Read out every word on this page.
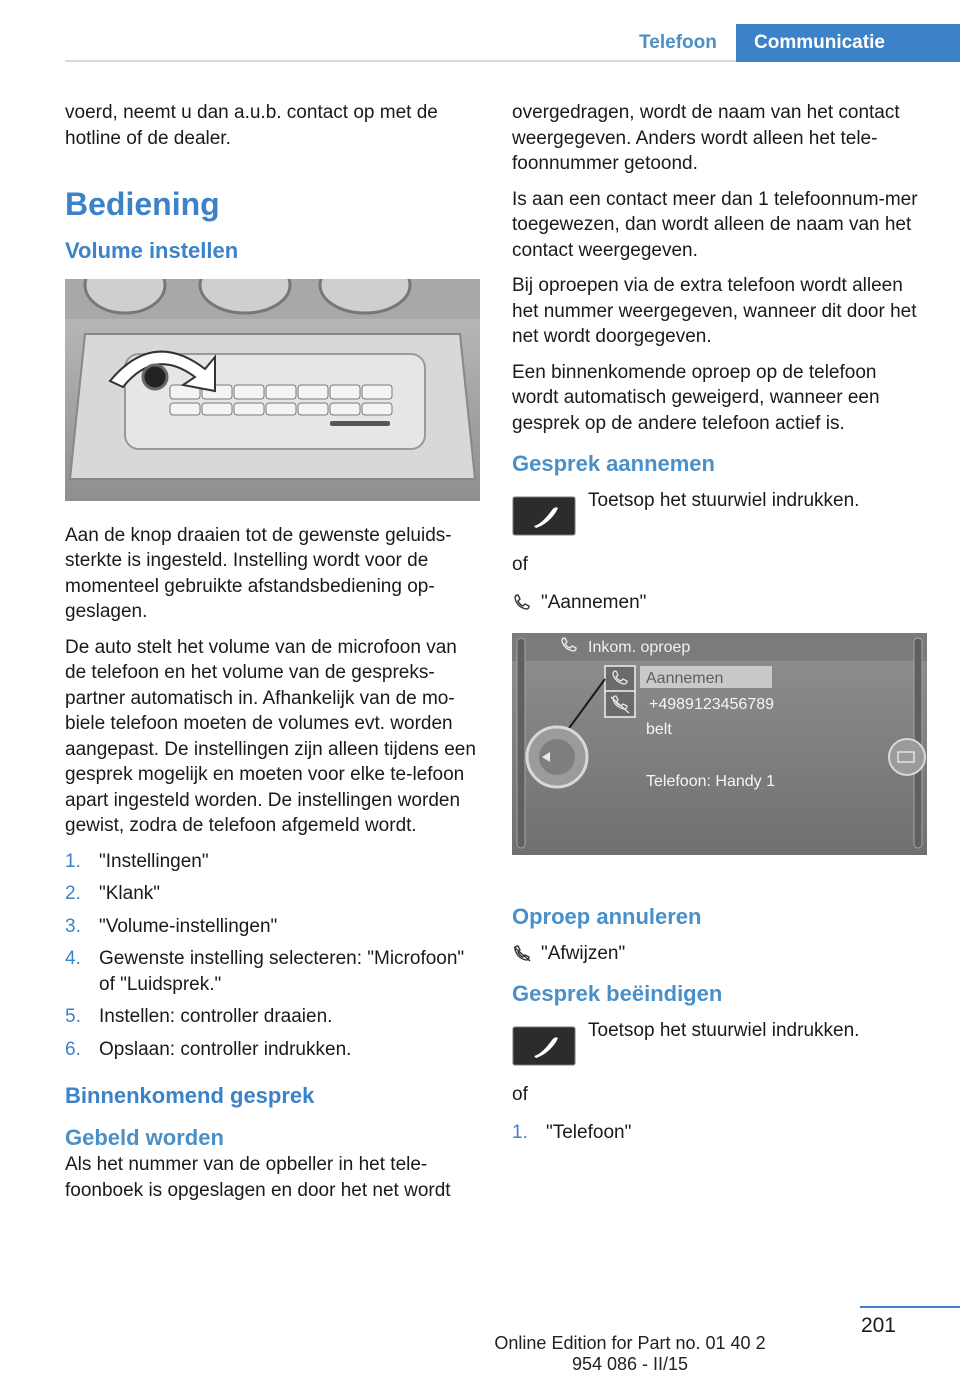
Telefoon	Communicatie

voerd, neemt u dan a.u.b. contact op met de hotline of de dealer.

Bediening
Volume instellen

Aan de knop draaien tot de gewenste geluids-sterkte is ingesteld. Instelling wordt voor de momenteel gebruikte afstandsbediening op-geslagen.

De auto stelt het volume van de microfoon van de telefoon en het volume van de gespreks-partner automatisch in. Afhankelijk van de mo-biele telefoon moeten de volumes evt. worden aangepast. De instellingen zijn alleen tijdens een gesprek mogelijk en moeten voor elke te-lefoon apart ingesteld worden. De instellingen worden gewist, zodra de telefoon afgemeld wordt.

1. "Instellingen"
2. "Klank"
3. "Volume-instellingen"
4. Gewenste instelling selecteren: "Microfoon" of "Luidsprek."
5. Instellen: controller draaien.
6. Opslaan: controller indrukken.
Binnenkomend gesprek
Gebeld worden

Als het nummer van de opbeller in het tele-foonboek is opgeslagen en door het net wordt

overgedragen, wordt de naam van het contact weergegeven. Anders wordt alleen het tele-foonnummer getoond.

Is aan een contact meer dan 1 telefoonnum-mer toegewezen, dan wordt alleen de naam van het contact weergegeven.

Bij oproepen via de extra telefoon wordt alleen het nummer weergegeven, wanneer dit door het net wordt doorgegeven.

Een binnenkomende oproep op de telefoon wordt automatisch geweigerd, wanneer een gesprek op de andere telefoon actief is.

Gesprek aannemen
Toetsop het stuurwiel indrukken.

of

"Aannemen"
Inkom. oproep
Aannemen
+4989123456789
belt
Telefoon: Handy 1
Oproep annuleren
"Afwijzen"
Gesprek beëindigen
Toetsop het stuurwiel indrukken.

of

1. "Telefoon"
201
Online Edition for Part no. 01 40 2 954 086 - II/15
